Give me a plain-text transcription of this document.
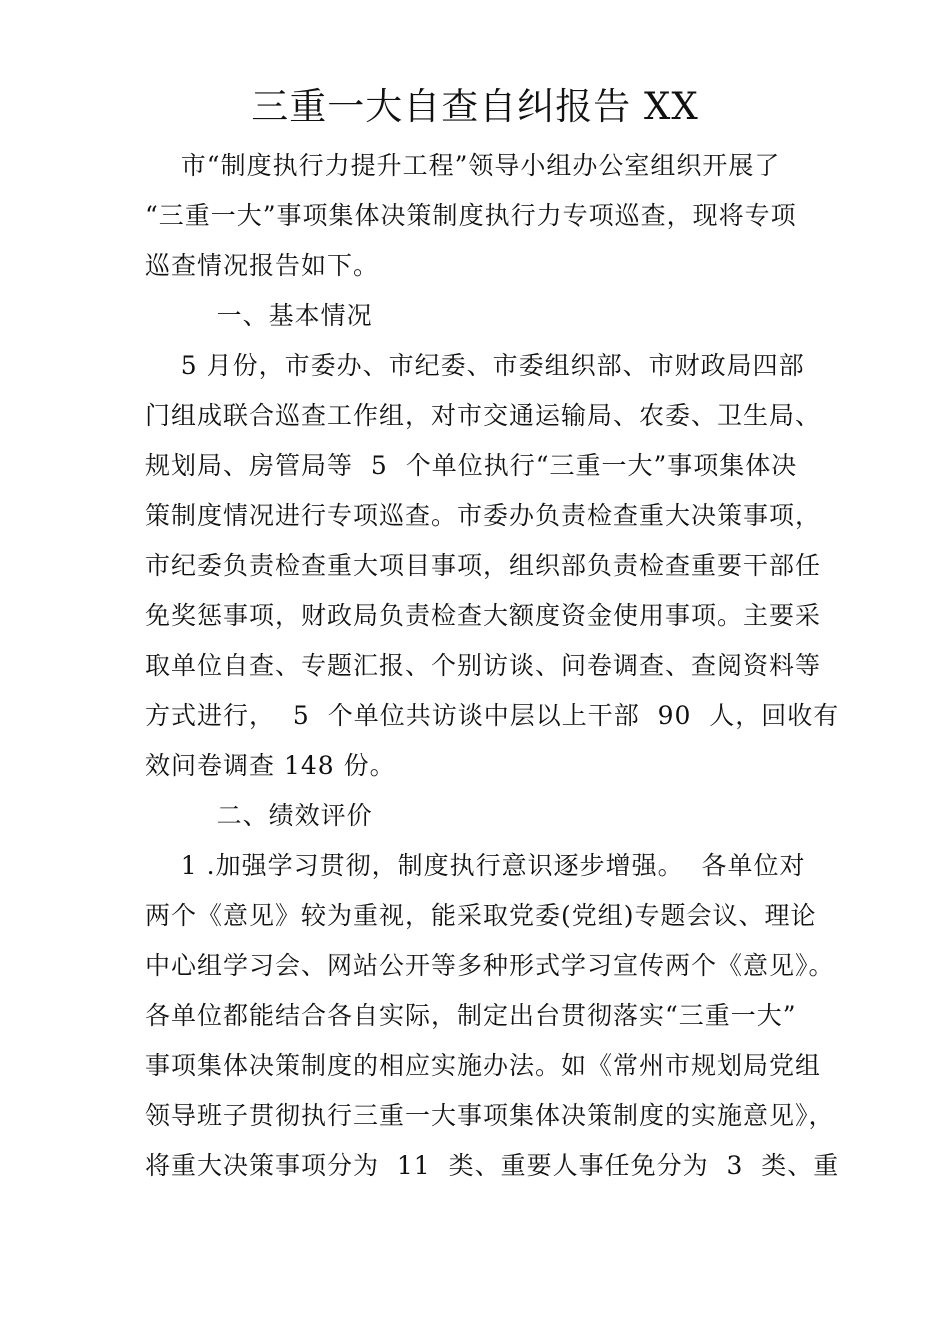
三重一大自查自纠报告 XX

市“制度执行力提升工程”领导小组办公室组织开展了

“三重一大”事项集体决策制度执行力专项巡查，现将专项

巡查情况报告如下。

一、基本情况

5 月份，市委办、市纪委、市委组织部、市财政局四部

门组成联合巡查工作组，对市交通运输局、农委、卫生局、

规划局、房管局等  5  个单位执行“三重一大”事项集体决

策制度情况进行专项巡查。市委办负责检查重大决策事项，

市纪委负责检查重大项目事项，组织部负责检查重要干部任

免奖惩事项，财政局负责检查大额度资金使用事项。主要采

取单位自查、专题汇报、个别访谈、问卷调查、查阅资料等

方式进行，  5  个单位共访谈中层以上干部  90  人，回收有

效问卷调查 148 份。

二、绩效评价

1 .加强学习贯彻，制度执行意识逐步增强。  各单位对

两个《意见》较为重视，能采取党委(党组)专题会议、理论

中心组学习会、网站公开等多种形式学习宣传两个《意见》。

各单位都能结合各自实际，制定出台贯彻落实“三重一大”

事项集体决策制度的相应实施办法。如《常州市规划局党组

领导班子贯彻执行三重一大事项集体决策制度的实施意见》，

将重大决策事项分为  11  类、重要人事任免分为  3  类、重
